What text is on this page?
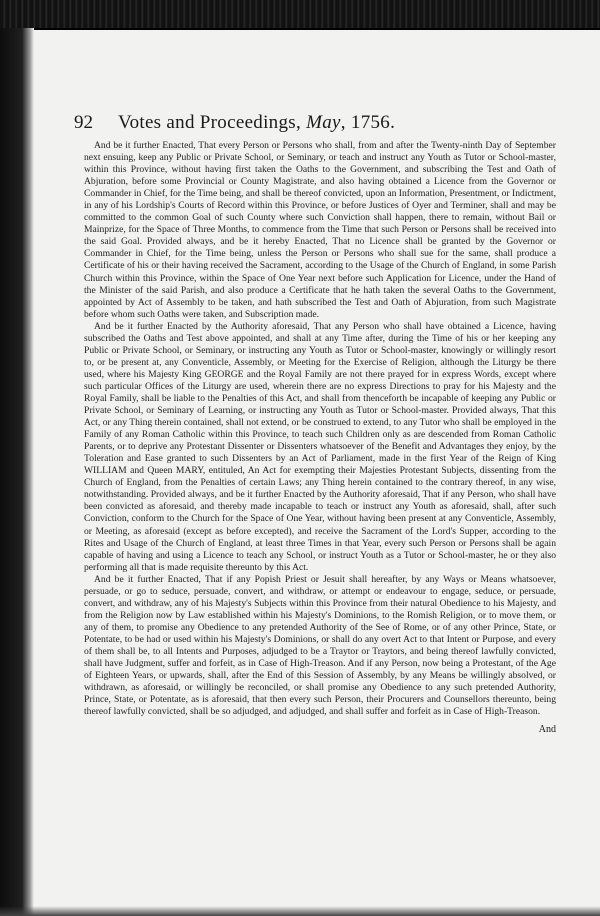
92	Votes and Proceedings, May, 1756.

And be it further Enacted, That every Person or Persons who shall, from and after the Twenty-ninth Day of September next ensuing, keep any Public or Private School, or Seminary, or teach and instruct any Youth as Tutor or School-master, within this Province, without having first taken the Oaths to the Government, and subscribing the Test and Oath of Abjuration, before some Provincial or County Magistrate, and also having obtained a Licence from the Governor or Commander in Chief, for the Time being, and shall be thereof convicted, upon an Information, Presentment, or Indictment, in any of his Lordship's Courts of Record within this Province, or before Justices of Oyer and Terminer, shall and may be committed to the common Goal of such County where such Conviction shall happen, there to remain, without Bail or Mainprize, for the Space of Three Months, to commence from the Time that such Person or Persons shall be received into the said Goal. Provided always, and be it hereby Enacted, That no Licence shall be granted by the Governor or Commander in Chief, for the Time being, unless the Person or Persons who shall sue for the same, shall produce a Certificate of his or their having received the Sacrament, according to the Usage of the Church of England, in some Parish Church within this Province, within the Space of One Year next before such Application for Licence, under the Hand of the Minister of the said Parish, and also produce a Certificate that he hath taken the several Oaths to the Government, appointed by Act of Assembly to be taken, and hath subscribed the Test and Oath of Abjuration, from such Magistrate before whom such Oaths were taken, and Subscription made.

And be it further Enacted by the Authority aforesaid, That any Person who shall have obtained a Licence, having subscribed the Oaths and Test above appointed, and shall at any Time after, during the Time of his or her keeping any Public or Private School, or Seminary, or instructing any Youth as Tutor or School-master, knowingly or willingly resort to, or be present at, any Conventicle, Assembly, or Meeting for the Exercise of Religion, although the Liturgy be there used, where his Majesty King GEORGE and the Royal Family are not there prayed for in express Words, except where such particular Offices of the Liturgy are used, wherein there are no express Directions to pray for his Majesty and the Royal Family, shall be liable to the Penalties of this Act, and shall from thenceforth be incapable of keeping any Public or Private School, or Seminary of Learning, or instructing any Youth as Tutor or School-master. Provided always, That this Act, or any Thing therein contained, shall not extend, or be construed to extend, to any Tutor who shall be employed in the Family of any Roman Catholic within this Province, to teach such Children only as are descended from Roman Catholic Parents, or to deprive any Protestant Dissenter or Dissenters whatsoever of the Benefit and Advantages they enjoy, by the Toleration and Ease granted to such Dissenters by an Act of Parliament, made in the first Year of the Reign of King WILLIAM and Queen MARY, entituled, An Act for exempting their Majesties Protestant Subjects, dissenting from the Church of England, from the Penalties of certain Laws; any Thing herein contained to the contrary thereof, in any wise, notwithstanding. Provided always, and be it further Enacted by the Authority aforesaid, That if any Person, who shall have been convicted as aforesaid, and thereby made incapable to teach or instruct any Youth as aforesaid, shall, after such Conviction, conform to the Church for the Space of One Year, without having been present at any Conventicle, Assembly, or Meeting, as aforesaid (except as before excepted), and receive the Sacrament of the Lord's Supper, according to the Rites and Usage of the Church of England, at least three Times in that Year, every such Person or Persons shall be again capable of having and using a Licence to teach any School, or instruct Youth as a Tutor or School-master, he or they also performing all that is made requisite thereunto by this Act.

And be it further Enacted, That if any Popish Priest or Jesuit shall hereafter, by any Ways or Means whatsoever, persuade, or go to seduce, persuade, convert, and withdraw, or attempt or endeavour to engage, seduce, or persuade, convert, and withdraw, any of his Majesty's Subjects within this Province from their natural Obedience to his Majesty, and from the Religion now by Law established within his Majesty's Dominions, to the Romish Religion, or to move them, or any of them, to promise any Obedience to any pretended Authority of the See of Rome, or of any other Prince, State, or Potentate, to be had or used within his Majesty's Dominions, or shall do any overt Act to that Intent or Purpose, and every of them shall be, to all Intents and Purposes, adjudged to be a Traytor or Traytors, and being thereof lawfully convicted, shall have Judgment, suffer and forfeit, as in Case of High-Treason. And if any Person, now being a Protestant, of the Age of Eighteen Years, or upwards, shall, after the End of this Session of Assembly, by any Means be willingly absolved, or withdrawn, as aforesaid, or willingly be reconciled, or shall promise any Obedience to any such pretended Authority, Prince, State, or Potentate, as is aforesaid, that then every such Person, their Procurers and Counsellors thereunto, being thereof lawfully convicted, shall be so adjudged, and adjudged, and shall suffer and forfeit as in Case of High-Treason.

And
